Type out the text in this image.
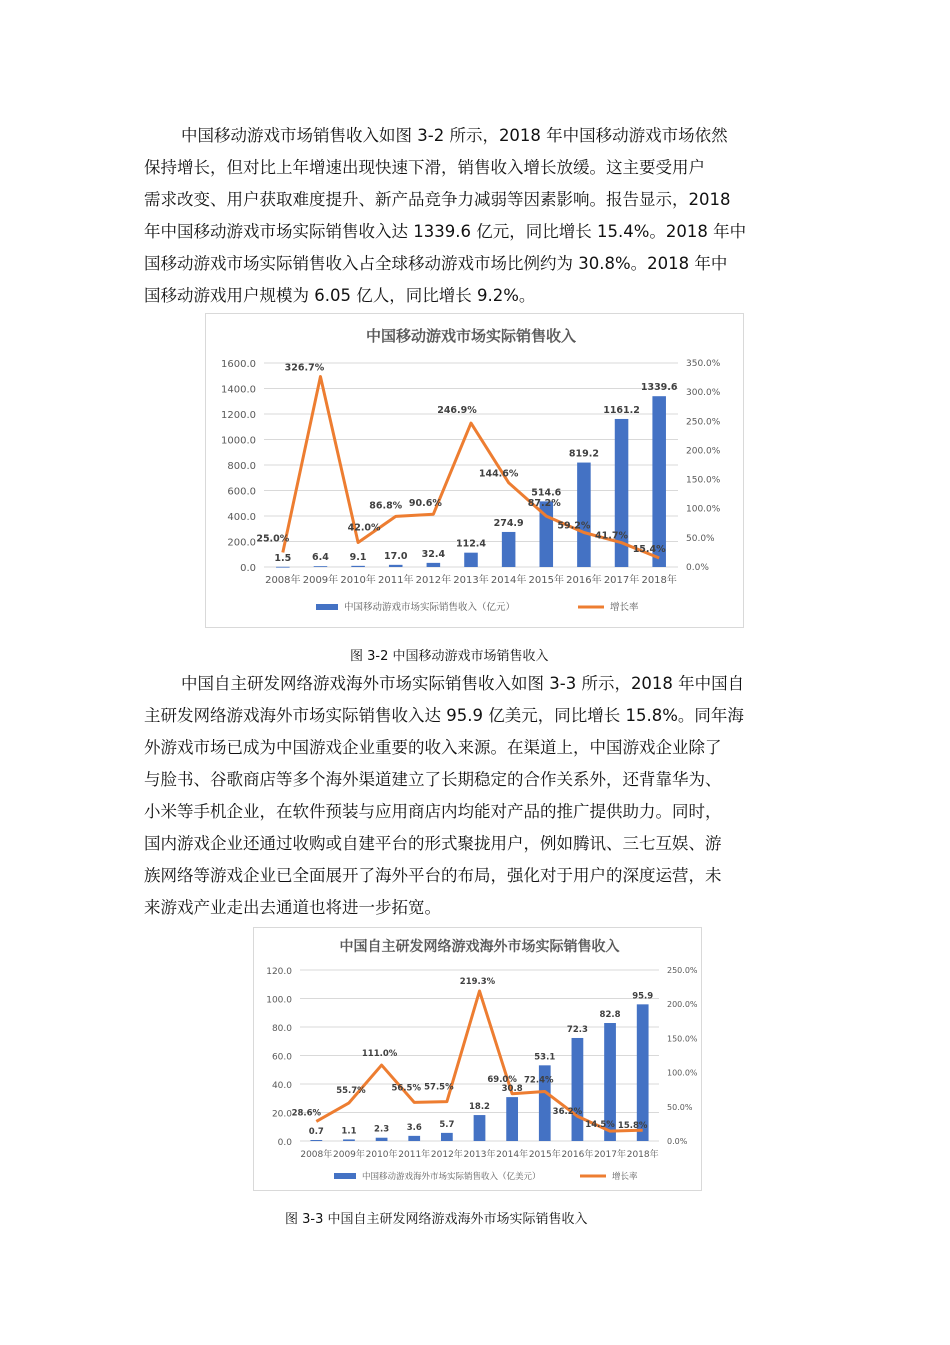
中国移动游戏市场销售收入如图 3-2 所示，2018 年中国移动游戏市场依然
保持增长，但对比上年增速出现快速下滑，销售收入增长放缓。这主要受用户
需求改变、用户获取难度提升、新产品竞争力减弱等因素影响。报告显示，2018
年中国移动游戏市场实际销售收入达 1339.6 亿元，同比增长 15.4%。2018 年中
国移动游戏市场实际销售收入占全球移动游戏市场比例约为 30.8%。2018 年中
国移动游戏用户规模为 6.05 亿人，同比增长 9.2%。
中国移动游戏市场实际销售收入
0.0
200.0
400.0
600.0
800.0
1000.0
1200.0
1400.0
1600.0
0.0%
50.0%
100.0%
150.0%
200.0%
250.0%
300.0%
350.0%
2008年 2009年 2010年 2011年 2012年 2013年 2014年 2015年 2016年 2017年 2018年
1.5 6.4 9.1 17.0 32.4
112.4
274.9
514.6
819.2
1161.2
1339.6
25.0%
326.7%
42.0%
86.8% 90.6%
246.9%
144.6%
87.2%
59.2%
41.7%
15.4%
中国移动游戏市场实际销售收入（亿元）	增长率
图 3-2 中国移动游戏市场销售收入
中国自主研发网络游戏海外市场实际销售收入如图 3-3 所示，2018 年中国自
主研发网络游戏海外市场实际销售收入达 95.9 亿美元，同比增长 15.8%。同年海
外游戏市场已成为中国游戏企业重要的收入来源。在渠道上，中国游戏企业除了
与脸书、谷歌商店等多个海外渠道建立了长期稳定的合作关系外，还背靠华为、
小米等手机企业，在软件预装与应用商店内均能对产品的推广提供助力。同时，
国内游戏企业还通过收购或自建平台的形式聚拢用户，例如腾讯、三七互娱、游
族网络等游戏企业已全面展开了海外平台的布局，强化对于用户的深度运营，未
来游戏产业走出去通道也将进一步拓宽。
中国自主研发网络游戏海外市场实际销售收入
0.0
20.0
40.0
60.0
80.0
100.0
120.0
0.0%
50.0%
100.0%
150.0%
200.0%
250.0%
2008年 2009年 2010年 2011年 2012年 2013年 2014年 2015年 2016年 2017年 2018年
0.7 1.1 2.3 3.6 5.7
18.2
30.8
53.1
72.3
82.8
95.9
28.6%
55.7%
111.0%
56.5% 57.5%
219.3%
69.0% 72.4%
36.2%
14.5% 15.8%
中国移动游戏海外市场实际销售收入（亿美元）	增长率
图 3-3 中国自主研发网络游戏海外市场实际销售收入
